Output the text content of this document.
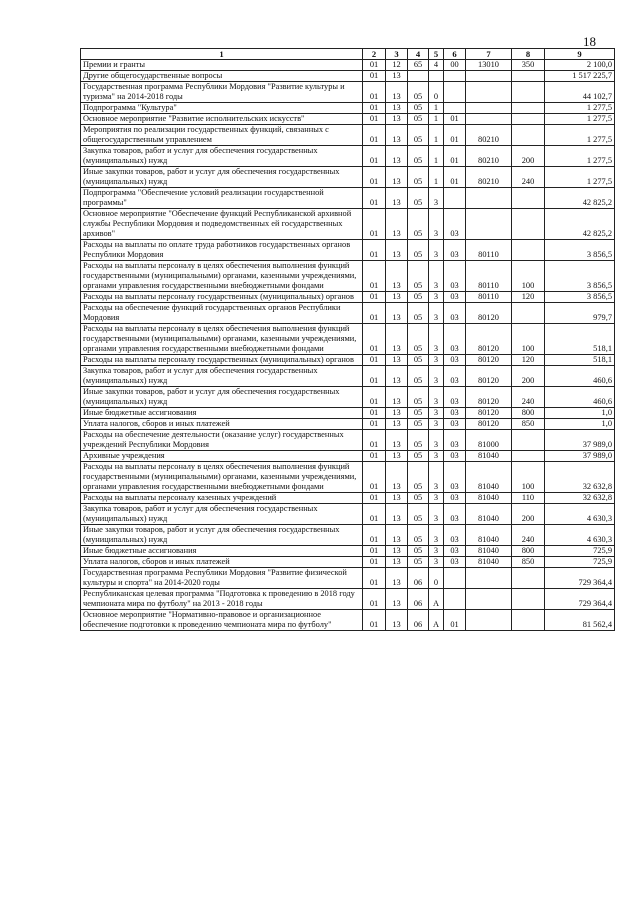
18
1	2	3	4	5	6	7	8	9
Премии и гранты	01	12	65	4	00	13010	350	2 100,0
Другие общегосударственные вопросы	01	13						1 517 225,7
Государственная программа Республики Мордовия "Развитие культуры и туризма" на 2014-2018 годы	01	13	05	0				44 102,7
Подпрограмма "Культура"	01	13	05	1				1 277,5
Основное мероприятие "Развитие исполнительских искусств"	01	13	05	1	01			1 277,5
Мероприятия по реализации государственных функций, связанных с общегосударственным управлением	01	13	05	1	01	80210		1 277,5
Закупка товаров, работ и услуг для обеспечения государственных (муниципальных) нужд	01	13	05	1	01	80210	200	1 277,5
Иные закупки товаров, работ и услуг для обеспечения государственных (муниципальных) нужд	01	13	05	1	01	80210	240	1 277,5
Подпрограмма "Обеспечение условий реализации государственной программы"	01	13	05	3				42 825,2
Основное мероприятие "Обеспечение функций Республиканской архивной службы Республики Мордовия и подведомственных ей государственных архивов"	01	13	05	3	03			42 825,2
Расходы на выплаты по оплате труда работников государственных органов Республики Мордовия	01	13	05	3	03	80110		3 856,5
Расходы на выплаты персоналу в целях обеспечения выполнения функций государственными (муниципальными) органами, казенными учреждениями, органами управления государственными внебюджетными фондами	01	13	05	3	03	80110	100	3 856,5
Расходы на выплаты персоналу государственных (муниципальных) органов	01	13	05	3	03	80110	120	3 856,5
Расходы на обеспечение функций государственных органов Республики Мордовия	01	13	05	3	03	80120		979,7
Расходы на выплаты персоналу в целях обеспечения выполнения функций государственными (муниципальными) органами, казенными учреждениями, органами управления государственными внебюджетными фондами	01	13	05	3	03	80120	100	518,1
Расходы на выплаты персоналу государственных (муниципальных) органов	01	13	05	3	03	80120	120	518,1
Закупка товаров, работ и услуг для обеспечения государственных (муниципальных) нужд	01	13	05	3	03	80120	200	460,6
Иные закупки товаров, работ и услуг для обеспечения государственных (муниципальных) нужд	01	13	05	3	03	80120	240	460,6
Иные бюджетные ассигнования	01	13	05	3	03	80120	800	1,0
Уплата налогов, сборов и иных платежей	01	13	05	3	03	80120	850	1,0
Расходы на обеспечение деятельности (оказание услуг) государственных учреждений Республики Мордовия	01	13	05	3	03	81000		37 989,0
Архивные учреждения	01	13	05	3	03	81040		37 989,0
Расходы на выплаты персоналу в целях обеспечения выполнения функций государственными (муниципальными) органами, казенными учреждениями, органами управления государственными внебюджетными фондами	01	13	05	3	03	81040	100	32 632,8
Расходы на выплаты персоналу казенных учреждений	01	13	05	3	03	81040	110	32 632,8
Закупка товаров, работ и услуг для обеспечения государственных (муниципальных) нужд	01	13	05	3	03	81040	200	4 630,3
Иные закупки товаров, работ и услуг для обеспечения государственных (муниципальных) нужд	01	13	05	3	03	81040	240	4 630,3
Иные бюджетные ассигнования	01	13	05	3	03	81040	800	725,9
Уплата налогов, сборов и иных платежей	01	13	05	3	03	81040	850	725,9
Государственная программа Республики Мордовия "Развитие физической культуры и спорта" на 2014-2020 годы	01	13	06	0				729 364,4
Республиканская целевая программа "Подготовка к проведению в 2018 году чемпионата мира по футболу" на 2013 - 2018 годы	01	13	06	А				729 364,4
Основное мероприятие "Нормативно-правовое и организационное обеспечение подготовки к проведению чемпионата мира по футболу"	01	13	06	А	01			81 562,4
